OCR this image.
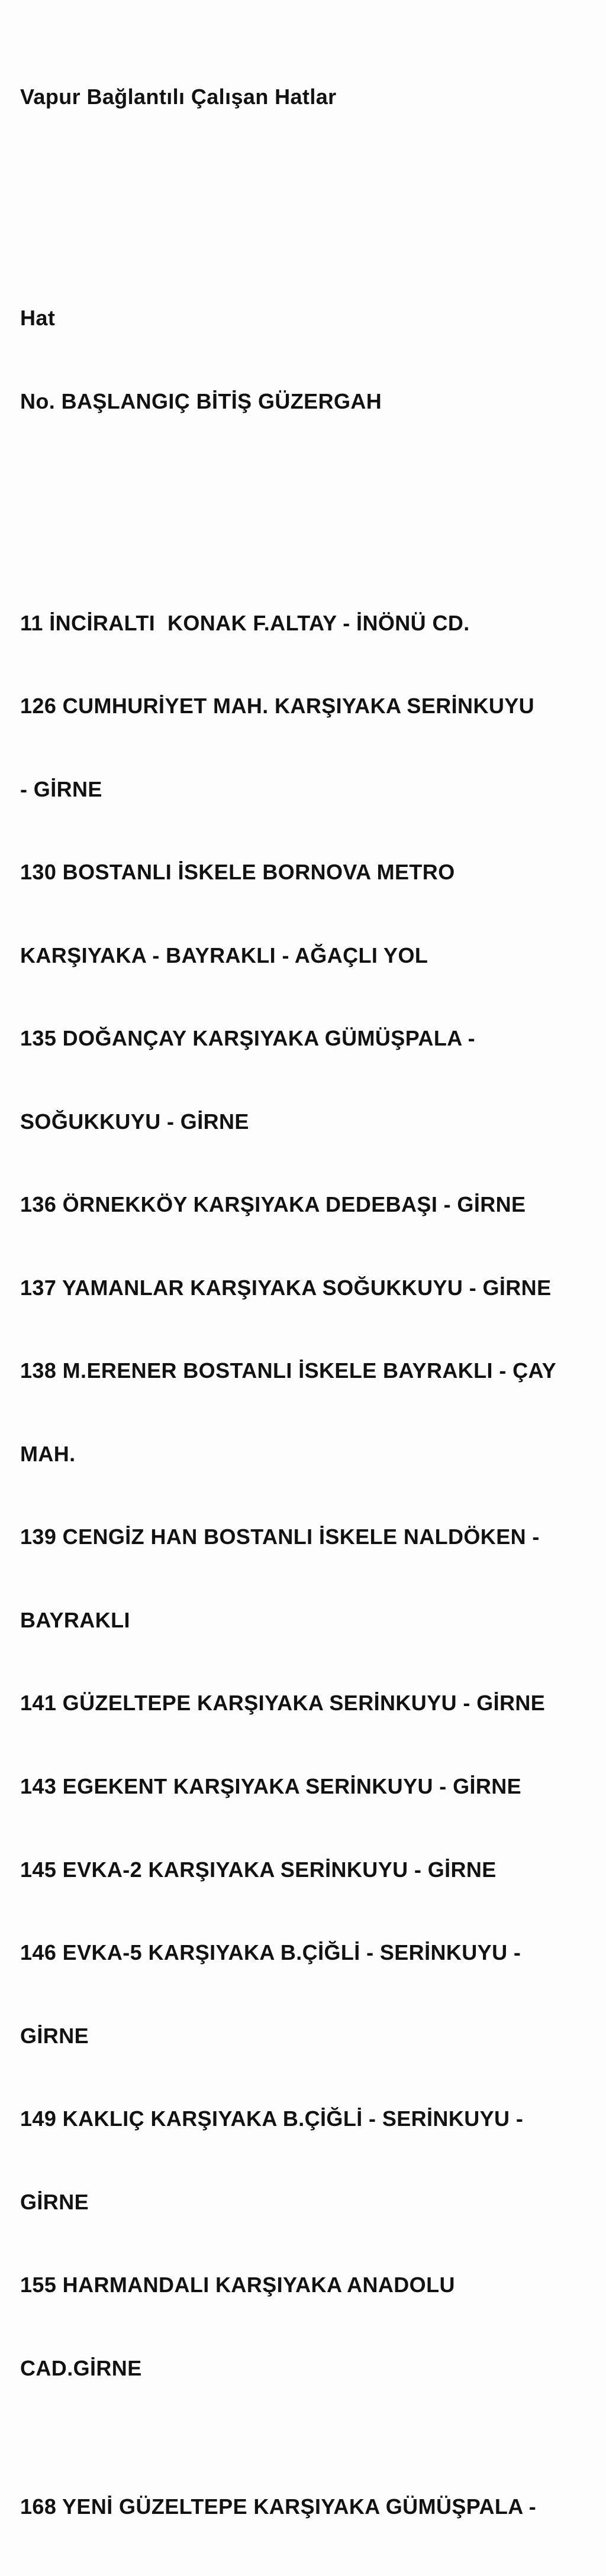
Vapur Bağlantılı Çalışan Hatlar

Hat

No. BAŞLANGIÇ BİTİŞ GÜZERGAH

11 İNCİRALTI  KONAK F.ALTAY - İNÖNÜ CD.

126 CUMHURİYET MAH. KARŞIYAKA SERİNKUYU

- GİRNE

130 BOSTANLI İSKELE BORNOVA METRO

KARŞIYAKA - BAYRAKLI - AĞAÇLI YOL

135 DOĞANÇAY KARŞIYAKA GÜMÜŞPALA -

SOĞUKKUYU - GİRNE

136 ÖRNEKKÖY KARŞIYAKA DEDEBAŞI - GİRNE

137 YAMANLAR KARŞIYAKA SOĞUKKUYU - GİRNE

138 M.ERENER BOSTANLI İSKELE BAYRAKLI - ÇAY

MAH.

139 CENGİZ HAN BOSTANLI İSKELE NALDÖKEN -

BAYRAKLI

141 GÜZELTEPE KARŞIYAKA SERİNKUYU - GİRNE

143 EGEKENT KARŞIYAKA SERİNKUYU - GİRNE

145 EVKA-2 KARŞIYAKA SERİNKUYU - GİRNE

146 EVKA-5 KARŞIYAKA B.ÇİĞLİ - SERİNKUYU -

GİRNE

149 KAKLIÇ KARŞIYAKA B.ÇİĞLİ - SERİNKUYU -

GİRNE

155 HARMANDALI KARŞIYAKA ANADOLU

CAD.GİRNE

168 YENİ GÜZELTEPE KARŞIYAKA GÜMÜŞPALA -
